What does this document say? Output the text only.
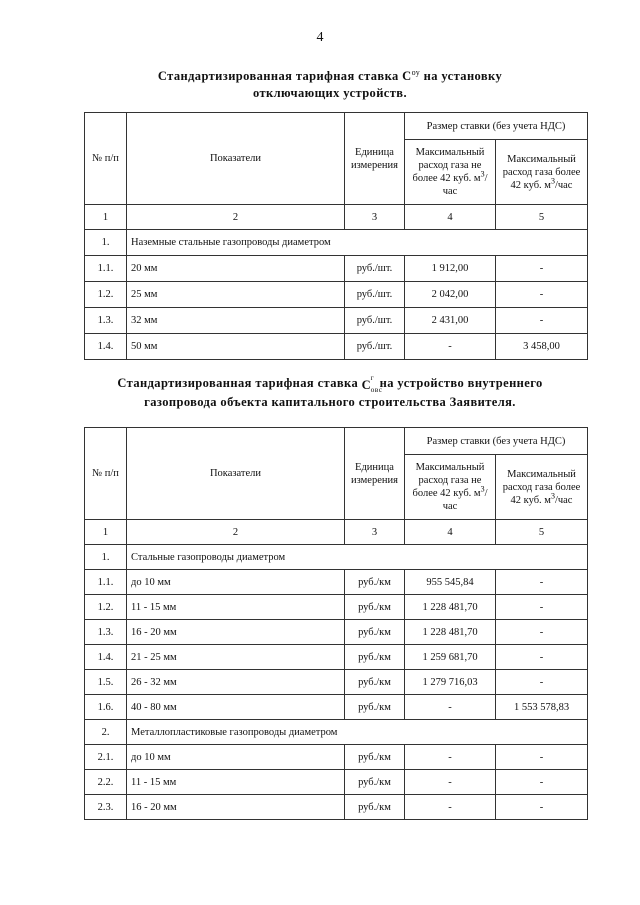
4
Стандартизированная тарифная ставка $С^{оу}$ на установку
отключающих устройств.
№ п/п	Показатели	Единица измерения	Размер ставки (без учета НДС)	
			Максимальный расход газа не более 42 куб. $м^3$/час	Максимальный расход газа более 42 куб. $м^3$/час
1	2	3	4	5
1.	Наземные стальные газопроводы диаметром			
1.1.	20 мм	руб./шт.	1 912,00	-
1.2.	25 мм	руб./шт.	2 042,00	-
1.3.	32 мм	руб./шт.	2 431,00	-
1.4.	50 мм	руб./шт.	-	3 458,00
Стандартизированная тарифная ставка С
г
овс
на устройство внутреннего
газопровода объекта капитального строительства Заявителя.
№ п/п	Показатели	Единица измерения	Размер ставки (без учета НДС)	
			Максимальный расход газа не более 42 куб. $м^3$/час	Максимальный расход газа более 42 куб. $м^3$/час
1	2	3	4	5
1.	Стальные газопроводы диаметром			
1.1.	до 10 мм	руб./км	955 545,84	-
1.2.	11 - 15 мм	руб./км	1 228 481,70	-
1.3.	16 - 20 мм	руб./км	1 228 481,70	-
1.4.	21 - 25 мм	руб./км	1 259 681,70	-
1.5.	26 - 32 мм	руб./км	1 279 716,03	-
1.6.	40 - 80 мм	руб./км	-	1 553 578,83
2.	Металлопластиковые газопроводы диаметром			
2.1.	до 10 мм	руб./км	-	-
2.2.	11 - 15 мм	руб./км	-	-
2.3.	16 - 20 мм	руб./км	-	-
